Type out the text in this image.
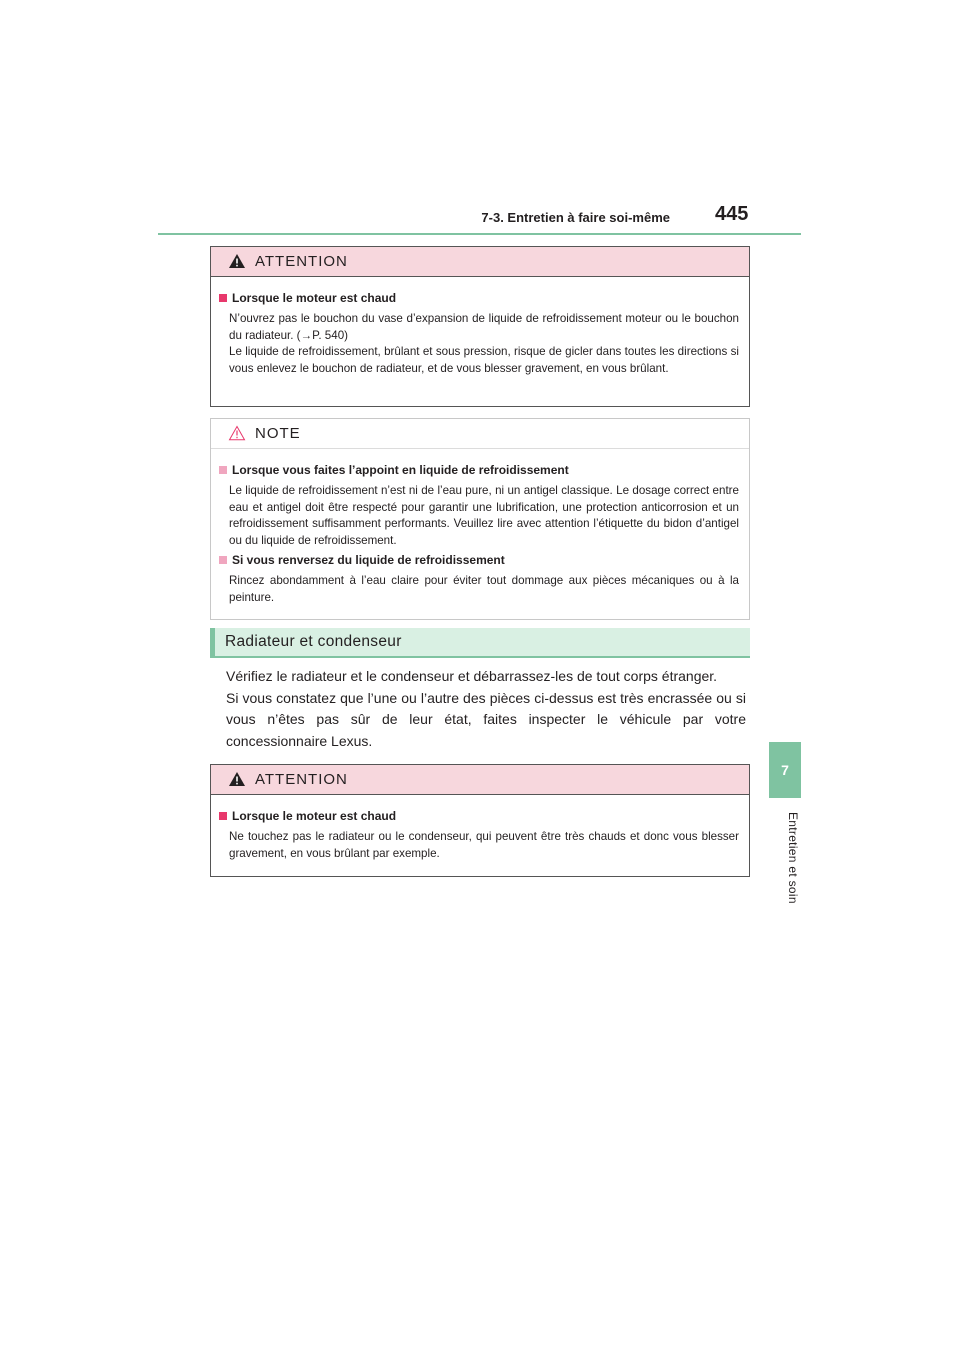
7-3. Entretien à faire soi-même 445
7
Entretien et soin
ATTENTION
Lorsque le moteur est chaud

N’ouvrez pas le bouchon du vase d’expansion de liquide de refroidissement moteur ou le bouchon du radiateur. (→P. 540)

Le liquide de refroidissement, brûlant et sous pression, risque de gicler dans toutes les directions si vous enlevez le bouchon de radiateur, et de vous blesser gravement, en vous brûlant.

NOTE
Lorsque vous faites l’appoint en liquide de refroidissement
Le liquide de refroidissement n’est ni de l’eau pure, ni un antigel classique. Le dosage correct entre eau et antigel doit être respecté pour garantir une lubrification, une protection anticorrosion et un refroidissement suffisamment performants. Veuillez lire avec attention l’étiquette du bidon d’antigel ou du liquide de refroidissement.
Si vous renversez du liquide de refroidissement
Rincez abondamment à l’eau claire pour éviter tout dommage aux pièces mécaniques ou à la peinture.
Radiateur et condenseur

Vérifiez le radiateur et le condenseur et débarrassez-les de tout corps étranger.

Si vous constatez que l’une ou l’autre des pièces ci-dessus est très encrassée ou si vous n’êtes pas sûr de leur état, faites inspecter le véhicule par votre concessionnaire Lexus.

ATTENTION
Lorsque le moteur est chaud
Ne touchez pas le radiateur ou le condenseur, qui peuvent être très chauds et donc vous blesser gravement, en vous brûlant par exemple.
